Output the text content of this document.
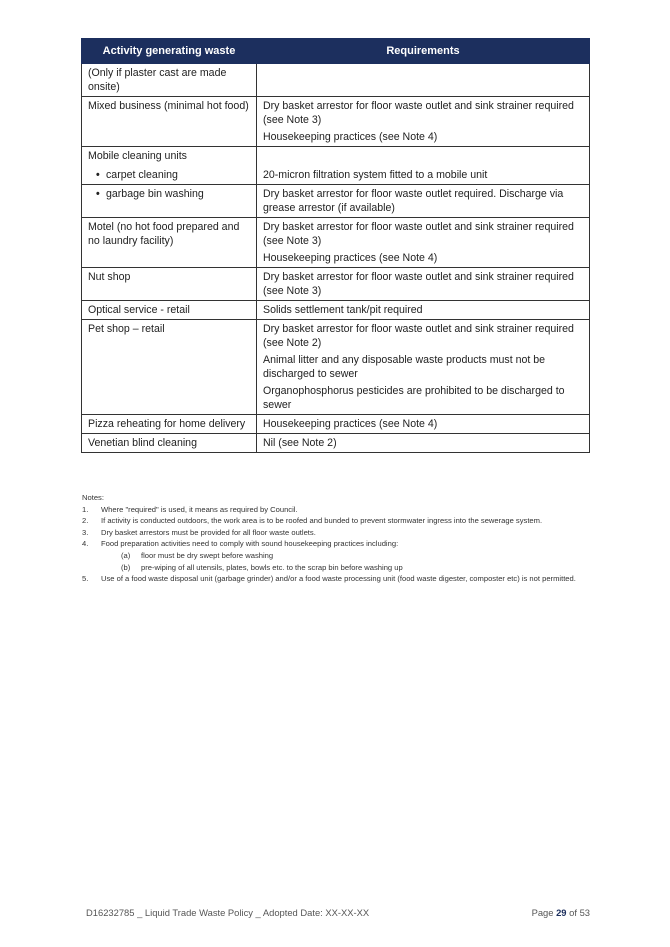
Activity generating waste	Requirements
(Only if plaster cast are made onsite)	
Mixed business (minimal hot food)	Dry basket arrestor for floor waste outlet and sink strainer required (see Note 3)

Housekeeping practices (see Note 4)

Mobile cleaning units

• carpet cleaning	20-micron filtration system fitted to a mobile unit

• garbage bin washing	Dry basket arrestor for floor waste outlet required. Discharge via grease arrestor (if available)
Motel (no hot food prepared and no laundry facility)	Dry basket arrestor for floor waste outlet and sink strainer required (see Note 3)

Housekeeping practices (see Note 4)

Nut shop	Dry basket arrestor for floor waste outlet and sink strainer required (see Note 3)
Optical service - retail	Solids settlement tank/pit required
Pet shop – retail	Dry basket arrestor for floor waste outlet and sink strainer required (see Note 2)

Animal litter and any disposable waste products must not be discharged to sewer

Organophosphorus pesticides are prohibited to be discharged to sewer

Pizza reheating for home delivery	Housekeeping practices (see Note 4)
Venetian blind cleaning	Nil (see Note 2)
Notes:
1.	Where "required" is used, it means as required by Council.
2.	If activity is conducted outdoors, the work area is to be roofed and bunded to prevent stormwater ingress into the sewerage system.
3.	Dry basket arrestors must be provided for all floor waste outlets.
4.	Food preparation activities need to comply with sound housekeeping practices including:
(a)	floor must be dry swept before washing
(b)	pre-wiping of all utensils, plates, bowls etc. to the scrap bin before washing up
5.	Use of a food waste disposal unit (garbage grinder) and/or a food waste processing unit (food waste digester, composter etc) is not permitted.
D16232785 _ Liquid Trade Waste Policy _ Adopted Date: XX-XX-XX	Page 29 of 53
